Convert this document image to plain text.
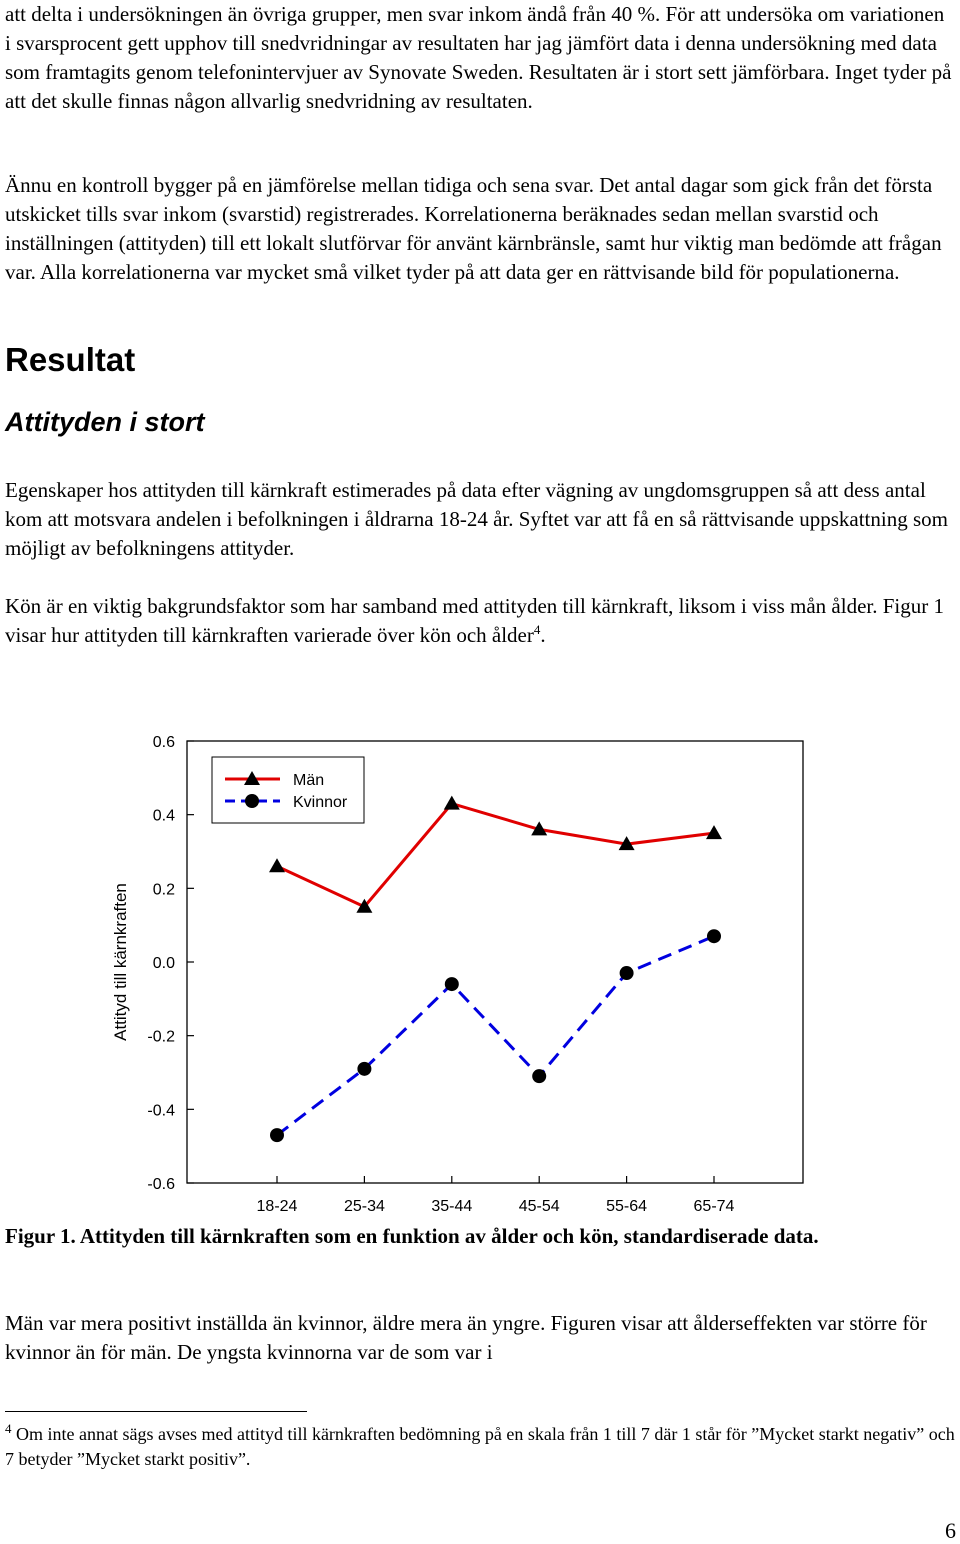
att delta i undersökningen än övriga grupper, men svar inkom ändå från 40 %. För att undersöka om variationen i svarsprocent gett upphov till snedvridningar av resultaten har jag jämfört data i denna undersökning med data som framtagits genom telefonintervjuer av Synovate Sweden. Resultaten är i stort sett jämförbara. Inget tyder på att det skulle finnas någon allvarlig snedvridning av resultaten.

Ännu en kontroll bygger på en jämförelse mellan tidiga och sena svar. Det antal dagar som gick från det första utskicket tills svar inkom (svarstid) registrerades. Korrelationerna beräknades sedan mellan svarstid och inställningen (attityden) till ett lokalt slutförvar för använt kärnbränsle, samt hur viktig man bedömde att frågan var. Alla korrelationerna var mycket små vilket tyder på att data ger en rättvisande bild för populationerna.

Resultat
Attityden i stort

Egenskaper hos attityden till kärnkraft estimerades på data efter vägning av ungdomsgruppen så att dess antal kom att motsvara andelen i befolkningen i åldrarna 18-24 år. Syftet var att få en så rättvisande uppskattning som möjligt av befolkningens attityder.

Kön är en viktig bakgrundsfaktor som har samband med attityden till kärnkraft, liksom i viss mån ålder. Figur 1 visar hur attityden till kärnkraften varierade över kön och ålder$^4$.

0.6
0.4
0.2
0.0
-0.2
-0.4
-0.6
18-24	25-34	35-44	45-54	55-64	65-74
Män
Kvinnor
Attityd till kärnkraften

Figur 1. Attityden till kärnkraften som en funktion av ålder och kön, standardiserade data.

Män var mera positivt inställda än kvinnor, äldre mera än yngre. Figuren visar att ålderseffekten var större för kvinnor än för män. De yngsta kvinnorna var de som var i

$^4$ Om inte annat sägs avses med attityd till kärnkraften bedömning på en skala från 1 till 7 där 1 står för ”Mycket starkt negativ” och 7 betyder ”Mycket starkt positiv”.

6
